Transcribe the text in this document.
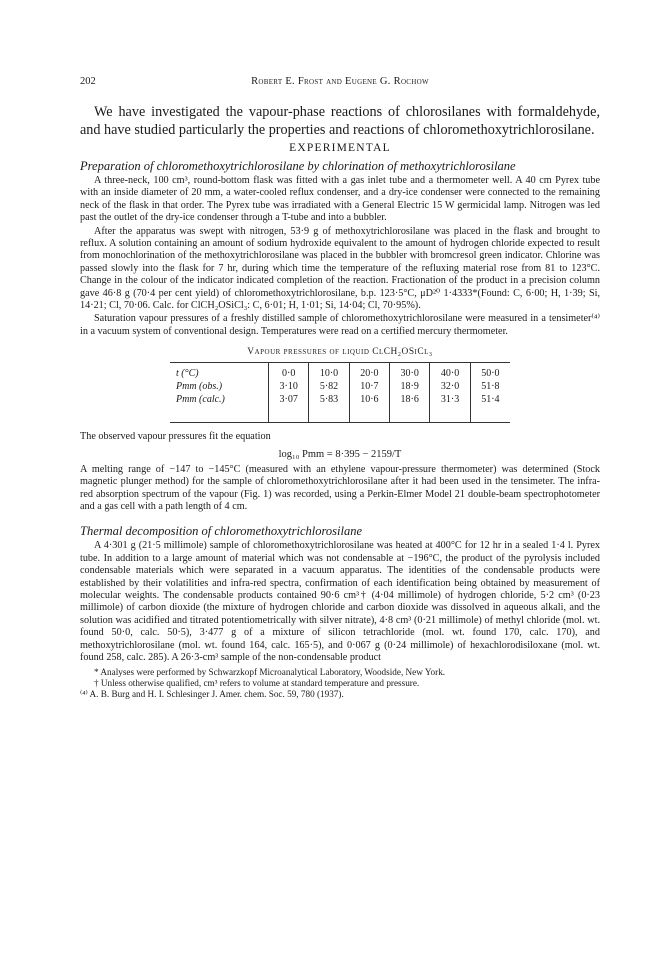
202	Robert E. Frost and Eugene G. Rochow
We have investigated the vapour-phase reactions of chlorosilanes with formaldehyde, and have studied particularly the properties and reactions of chloromethoxytrichlorosilane.
EXPERIMENTAL
Preparation of chloromethoxytrichlorosilane by chlorination of methoxytrichlorosilane

A three-neck, 100 cm³, round-bottom flask was fitted with a gas inlet tube and a thermometer well. A 40 cm Pyrex tube with an inside diameter of 20 mm, a water-cooled reflux condenser, and a dry-ice condenser were connected to the remaining neck of the flask in that order. The Pyrex tube was irradiated with a General Electric 15 W germicidal lamp. Nitrogen was led past the outlet of the dry-ice condenser through a T-tube and into a bubbler.

After the apparatus was swept with nitrogen, 53·9 g of methoxytrichlorosilane was placed in the flask and brought to reflux. A solution containing an amount of sodium hydroxide equivalent to the amount of hydrogen chloride expected to result from monochlorination of the methoxytrichlorosilane was placed in the bubbler with bromcresol green indicator. Chlorine was passed slowly into the flask for 7 hr, during which time the temperature of the refluxing material rose from 81 to 123°C. Change in the colour of the indicator indicated completion of the reaction. Fractionation of the product in a precision column gave 46·8 g (70·4 per cent yield) of chloromethoxytrichlorosilane, b.p. 123·5°C, μD²⁰ 1·4333*(Found: C, 6·00; H, 1·39; Si, 14·21; Cl, 70·06. Calc. for ClCH₂OSiCl₃: C, 6·01; H, 1·01; Si, 14·04; Cl, 70·95%).

Saturation vapour pressures of a freshly distilled sample of chloromethoxytrichlorosilane were measured in a tensimeter⁽⁴⁾ in a vacuum system of conventional design. Temperatures were read on a certified mercury thermometer.

Vapour pressures of liquid ClCH₂OSiCl₃
t (°C)	0·0	10·0	20·0	30·0	40·0	50·0
Pmm (obs.)	3·10	5·82	10·7	18·9	32·0	51·8
Pmm (calc.)	3·07	5·83	10·6	18·6	31·3	51·4

The observed vapour pressures fit the equation

log₁₀ Pmm = 8·395 − 2159/T

A melting range of −147 to −145°C (measured with an ethylene vapour-pressure thermometer) was determined (Stock magnetic plunger method) for the sample of chloromethoxytrichlorosilane after it had been used in the tensimeter. The infra-red absorption spectrum of the vapour (Fig. 1) was recorded, using a Perkin-Elmer Model 21 double-beam spectrophotometer and a gas cell with a path length of 4 cm.

Thermal decomposition of chloromethoxytrichlorosilane

A 4·301 g (21·5 millimole) sample of chloromethoxytrichlorosilane was heated at 400°C for 12 hr in a sealed 1·4 l. Pyrex tube. In addition to a large amount of material which was not condensable at −196°C, the product of the pyrolysis included condensable materials which were separated in a vacuum apparatus. The identities of the condensable products were established by their volatilities and infra-red spectra, confirmation of each identification being obtained by measurement of molecular weights. The condensable products contained 90·6 cm³† (4·04 millimole) of hydrogen chloride, 5·2 cm³ (0·23 millimole) of carbon dioxide (the mixture of hydrogen chloride and carbon dioxide was dissolved in aqueous alkali, and the solution was acidified and titrated potentiometrically with silver nitrate), 4·8 cm³ (0·21 millimole) of methyl chloride (mol. wt. found 50·0, calc. 50·5), 3·477 g of a mixture of silicon tetrachloride (mol. wt. found 170, calc. 170), and methoxytrichlorosilane (mol. wt. found 164, calc. 165·5), and 0·067 g (0·24 millimole) of hexachlorodisiloxane (mol. wt. found 258, calc. 285). A 26·3-cm³ sample of the non-condensable product

* Analyses were performed by Schwarzkopf Microanalytical Laboratory, Woodside, New York.

† Unless otherwise qualified, cm³ refers to volume at standard temperature and pressure.

⁽⁴⁾ A. B. Burg and H. I. Schlesinger J. Amer. chem. Soc. 59, 780 (1937).
